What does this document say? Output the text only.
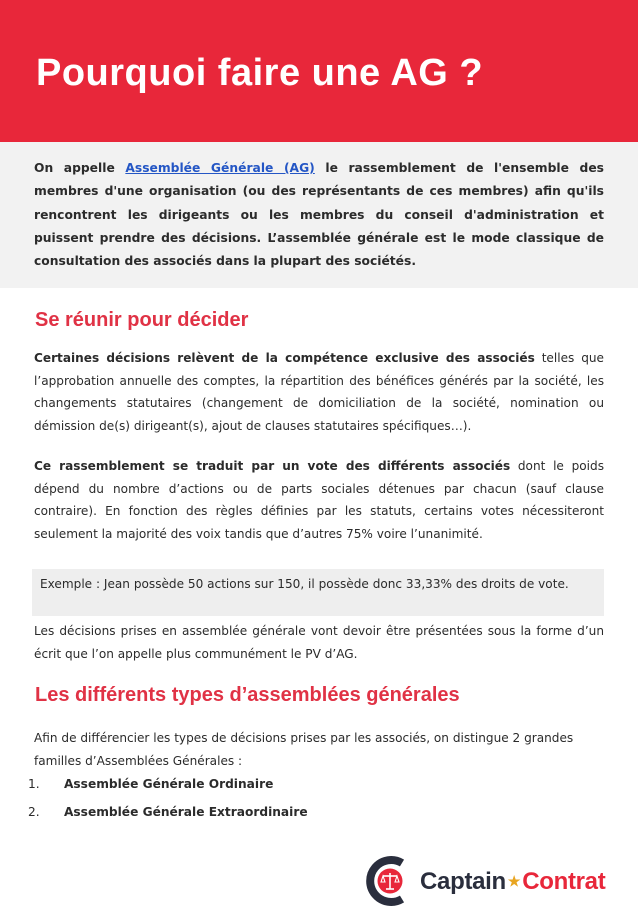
Pourquoi faire une AG ?

On appelle Assemblée Générale (AG) le rassemblement de l'ensemble des membres d'une organisation (ou des représentants de ces membres) afin qu'ils rencontrent les dirigeants ou les membres du conseil d'administration et puissent prendre des décisions. L’assemblée générale est le mode classique de consultation des associés dans la plupart des sociétés.

Se réunir pour décider
Certaines décisions relèvent de la compétence exclusive des associés telles que l’approbation annuelle des comptes, la répartition des bénéfices générés par la société, les changements statutaires (changement de domiciliation de la société, nomination ou démission de(s) dirigeant(s), ajout de clauses statutaires spécifiques…).
Ce rassemblement se traduit par un vote des différents associés dont le poids dépend du nombre d’actions ou de parts sociales détenues par chacun (sauf clause contraire). En fonction des règles définies par les statuts, certains votes nécessiteront seulement la majorité des voix tandis que d’autres 75% voire l’unanimité.
Exemple : Jean possède 50 actions sur 150, il possède donc 33,33% des droits de vote.
Les décisions prises en assemblée générale vont devoir être présentées sous la forme d’un écrit que l’on appelle plus communément le PV d’AG.
Les différents types d’assemblées générales
Afin de différencier les types de décisions prises par les associés, on distingue 2 grandes familles d’Assemblées Générales :
1. Assemblée Générale Ordinaire
2. Assemblée Générale Extraordinaire
Captain ★Contrat
